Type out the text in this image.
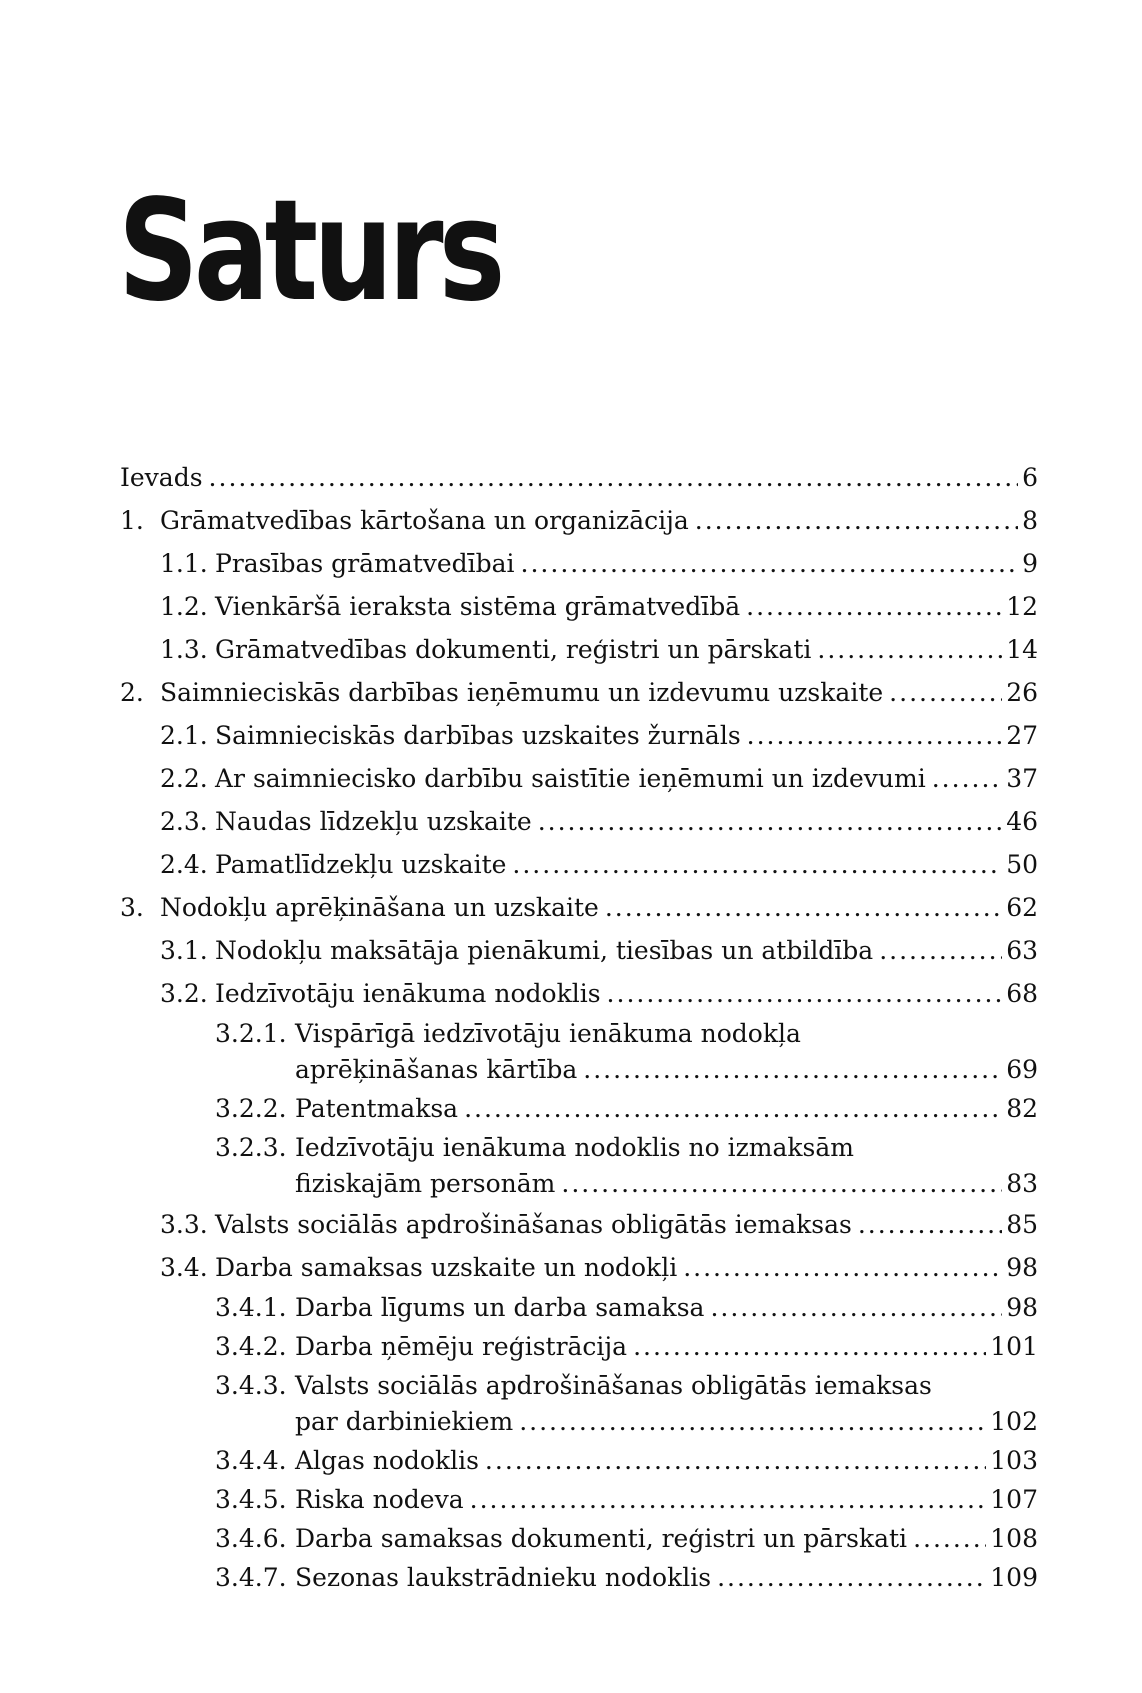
Saturs
Ievads .....	6
1. Grāmatvedības kārtošana un organizācija .....	8
1.1. Prasības grāmatvedībai .....	9
1.2. Vienkāršā ieraksta sistēma grāmatvedībā .....	12
1.3. Grāmatvedības dokumenti, reģistri un pārskati .....	14
2. Saimnieciskās darbības ieņēmumu un izdevumu uzskaite .....	26
2.1. Saimnieciskās darbības uzskaites žurnāls .....	27
2.2. Ar saimniecisko darbību saistītie ieņēmumi un izdevumi .....	37
2.3. Naudas līdzekļu uzskaite .....	46
2.4. Pamatlīdzekļu uzskaite .....	50
3. Nodokļu aprēķināšana un uzskaite .....	62
3.1. Nodokļu maksātāja pienākumi, tiesības un atbildība .....	63
3.2. Iedzīvotāju ienākuma nodoklis .....	68
3.2.1. Vispārīgā iedzīvotāju ienākuma nodokļa
aprēķināšanas kārtība .....	69
3.2.2. Patentmaksa .....	82
3.2.3. Iedzīvotāju ienākuma nodoklis no izmaksām
fiziskajām personām .....	83
3.3. Valsts sociālās apdrošināšanas obligātās iemaksas .....	85
3.4. Darba samaksas uzskaite un nodokļi .....	98
3.4.1. Darba līgums un darba samaksa .....	98
3.4.2. Darba ņēmēju reģistrācija .....	101
3.4.3. Valsts sociālās apdrošināšanas obligātās iemaksas
par darbiniekiem .....	102
3.4.4. Algas nodoklis .....	103
3.4.5. Riska nodeva .....	107
3.4.6. Darba samaksas dokumenti, reģistri un pārskati .....	108
3.4.7. Sezonas laukstrādnieku nodoklis .....	109
